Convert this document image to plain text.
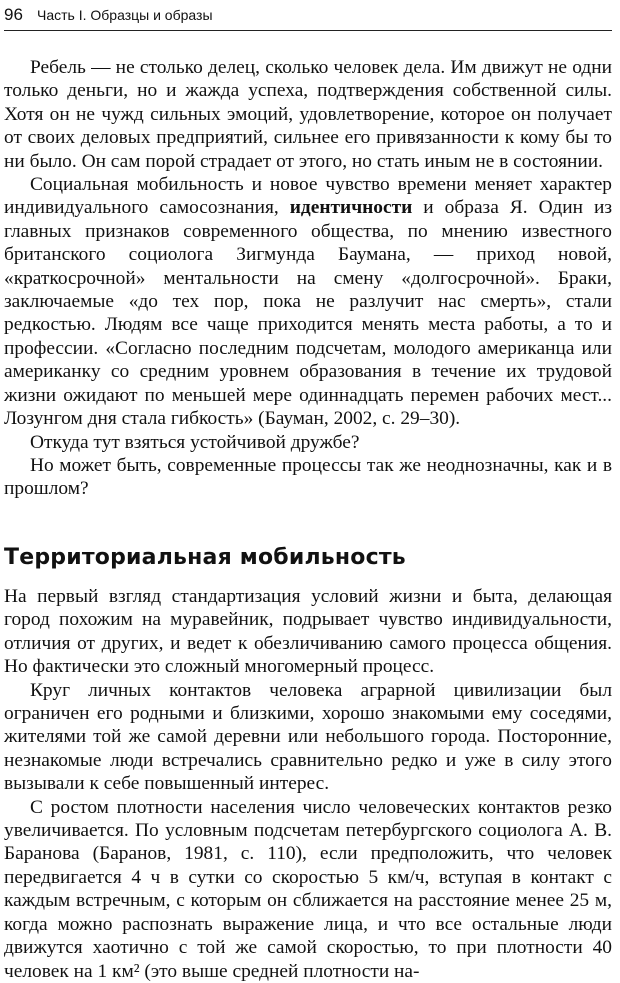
96 Часть I. Образцы и образы

Ребель — не столько делец, сколько человек дела. Им движут не одни только деньги, но и жажда успеха, подтверждения собственной силы. Хотя он не чужд сильных эмоций, удовлетворение, которое он получает от своих деловых предприятий, сильнее его привязанности к кому бы то ни было. Он сам порой страдает от этого, но стать иным не в состоянии.

Социальная мобильность и новое чувство времени меняет характер индивидуального самосознания, идентичности и образа Я. Один из главных признаков современного общества, по мнению известного британского социолога Зигмунда Баумана, — приход новой, «краткосрочной» ментальности на смену «долгосрочной». Браки, заключаемые «до тех пор, пока не разлучит нас смерть», стали редкостью. Людям все чаще приходится менять места работы, а то и профессии. «Согласно последним подсчетам, молодого американца или американку со средним уровнем образования в течение их трудовой жизни ожидают по меньшей мере одиннадцать перемен рабочих мест... Лозунгом дня стала гибкость» (Бауман, 2002, с. 29–30).

Откуда тут взяться устойчивой дружбе?

Но может быть, современные процессы так же неоднозначны, как и в прошлом?

Территориальная мобильность

На первый взгляд стандартизация условий жизни и быта, делающая город похожим на муравейник, подрывает чувство индивидуальности, отличия от других, и ведет к обезличиванию самого процесса общения. Но фактически это сложный многомерный процесс.

Круг личных контактов человека аграрной цивилизации был ограничен его родными и близкими, хорошо знакомыми ему соседями, жителями той же самой деревни или небольшого города. Посторонние, незнакомые люди встречались сравнительно редко и уже в силу этого вызывали к себе повышенный интерес.

С ростом плотности населения число человеческих контактов резко увеличивается. По условным подсчетам петербургского социолога А. В. Баранова (Баранов, 1981, с. 110), если предположить, что человек передвигается 4 ч в сутки со скоростью 5 км/ч, вступая в контакт с каждым встречным, с которым он сближается на расстояние менее 25 м, когда можно распознать выражение лица, и что все остальные люди движутся хаотично с той же самой скоростью, то при плотности 40 человек на 1 км² (это выше средней плотности на-
